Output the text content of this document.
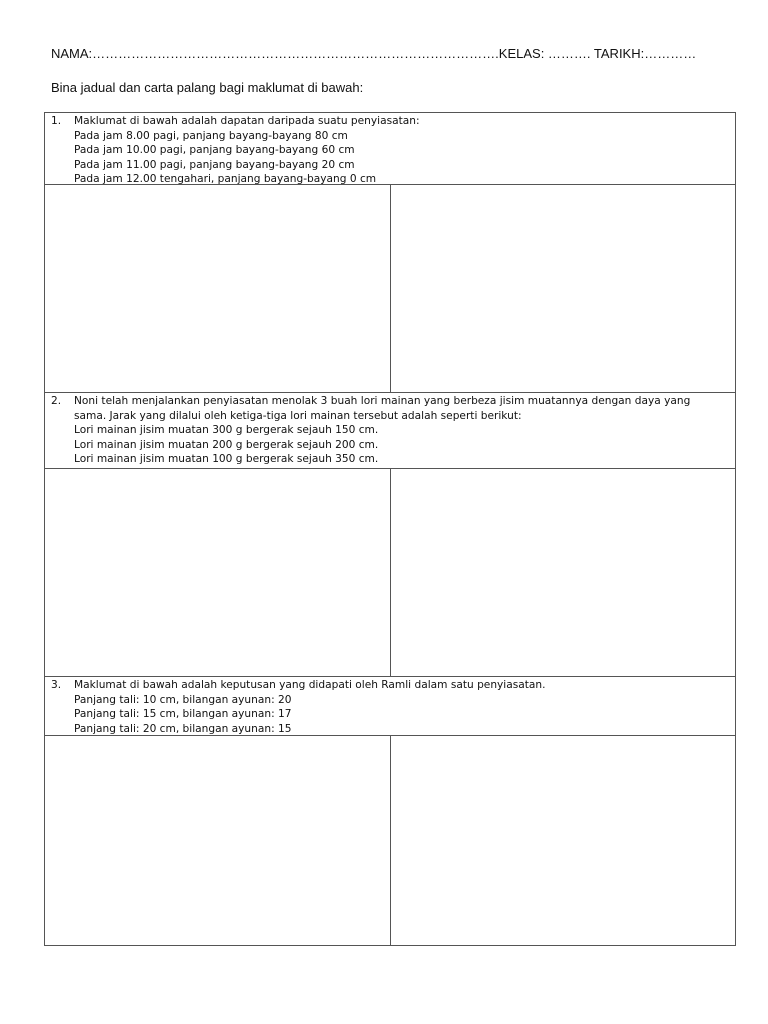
NAMA:………………………………………………………………………………….KELAS: ………. TARIKH:…………
Bina jadual dan carta palang bagi maklumat di bawah:
1. Maklumat di bawah adalah dapatan daripada suatu penyiasatan:
Pada jam 8.00 pagi, panjang bayang-bayang 80 cm
Pada jam 10.00 pagi, panjang bayang-bayang 60 cm
Pada jam 11.00 pagi, panjang bayang-bayang 20 cm
Pada jam 12.00 tengahari, panjang bayang-bayang 0 cm
2. Noni telah menjalankan penyiasatan menolak 3 buah lori mainan yang berbeza jisim muatannya dengan daya yang
sama. Jarak yang dilalui oleh ketiga-tiga lori mainan tersebut adalah seperti berikut:
Lori mainan jisim muatan 300 g bergerak sejauh 150 cm.
Lori mainan jisim muatan 200 g bergerak sejauh 200 cm.
Lori mainan jisim muatan 100 g bergerak sejauh 350 cm.
3. Maklumat di bawah adalah keputusan yang didapati oleh Ramli dalam satu penyiasatan.
Panjang tali: 10 cm, bilangan ayunan: 20
Panjang tali: 15 cm, bilangan ayunan: 17
Panjang tali: 20 cm, bilangan ayunan: 15
